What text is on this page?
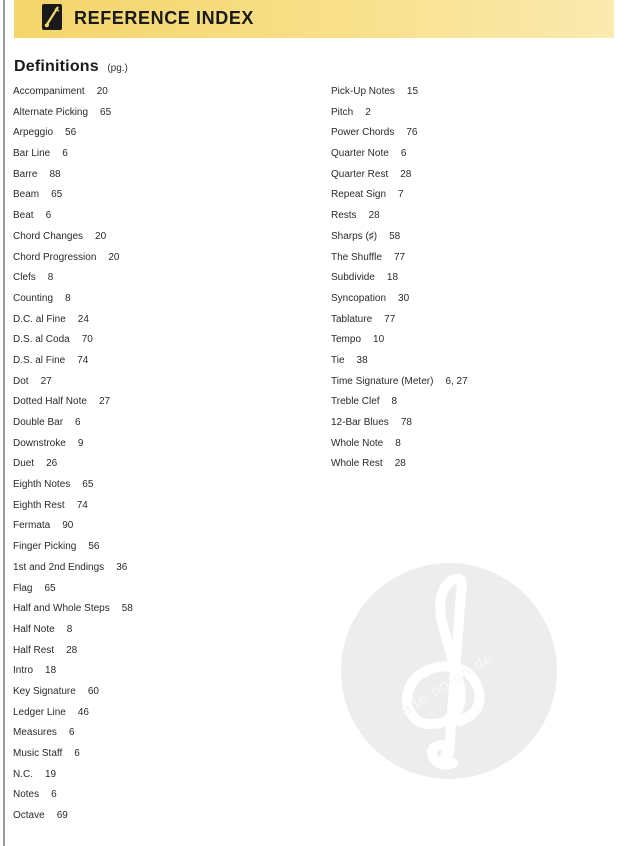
REFERENCE INDEX
Definitions (pg.)
Accompaniment 20
Alternate Picking 65
Arpeggio 56
Bar Line 6
Barre 88
Beam 65
Beat 6
Chord Changes 20
Chord Progression 20
Clefs 8
Counting 8
D.C. al Fine 24
D.S. al Coda 70
D.S. al Fine 74
Dot 27
Dotted Half Note 27
Double Bar 6
Downstroke 9
Duet 26
Eighth Notes 65
Eighth Rest 74
Fermata 90
Finger Picking 56
1st and 2nd Endings 36
Flag 65
Half and Whole Steps 58
Half Note 8
Half Rest 28
Intro 18
Key Signature 60
Ledger Line 46
Measures 6
Music Staff 6
N.C. 19
Notes 6
Octave 69
Pick-Up Notes 15
Pitch 2
Power Chords 76
Quarter Note 6
Quarter Rest 28
Repeat Sign 7
Rests 28
Sharps (♯) 58
The Shuffle 77
Subdivide 18
Syncopation 30
Tablature 77
Tempo 10
Tie 38
Time Signature (Meter) 6, 27
Treble Clef 8
12-Bar Blues 78
Whole Note 8
Whole Rest 28
alle-noten.de
